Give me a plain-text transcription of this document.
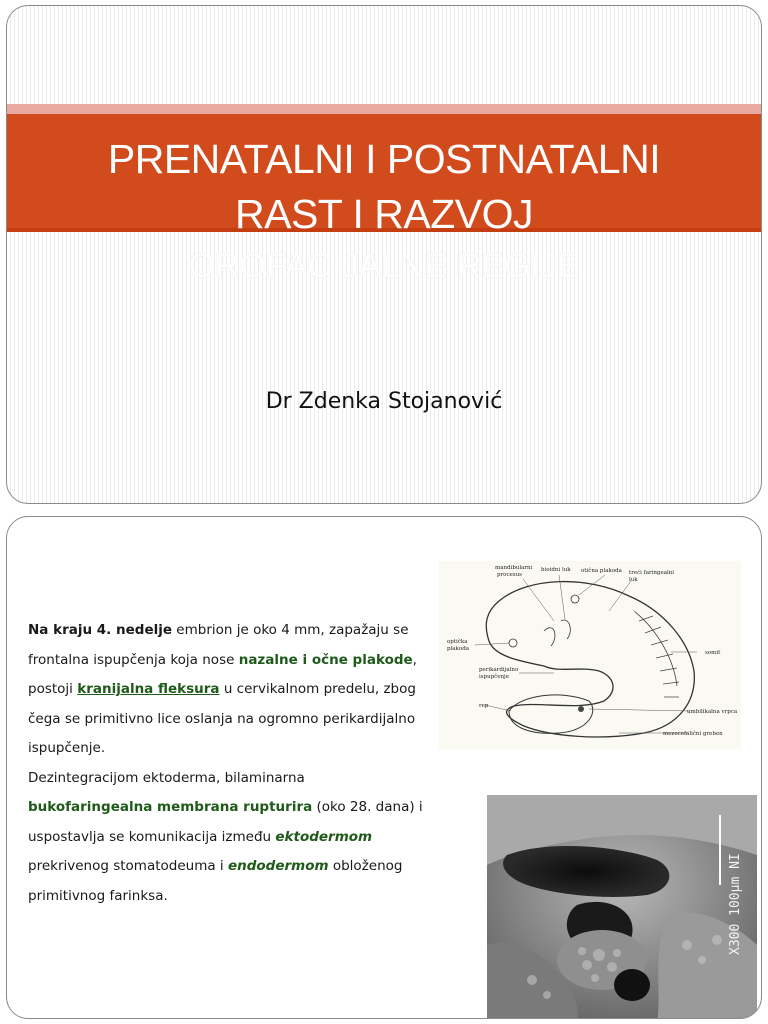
PRENATALNI I POSTNATALNI
RAST I RAZVOJ
OROFACIJALNE REGIJE
Dr Zdenka Stojanović
Na kraju 4. nedelje embrion je oko 4 mm, zapažaju se frontalna ispupčenja koja nose nazalne i očne plakode, postoji kranijalna fleksura u cervikalnom predelu, zbog čega se primitivno lice oslanja na ogromno perikardijalno ispupčenje.
Dezintegracijom ektoderma, bilaminarna bukofaringealna membrana rupturira (oko 28. dana) i uspostavlja se komunikacija između ektodermom prekrivenog stomatodeuma i endodermom obloženog primitivnog farinksa.
mandibularni
procesus
hioidni luk otična plakoda treći faringealni
luk
optička
plakoda
somit
perikardijalno
ispupčenje
rep
umbilikalna vrpca
mezocefalični greben
X300 100μm NI
